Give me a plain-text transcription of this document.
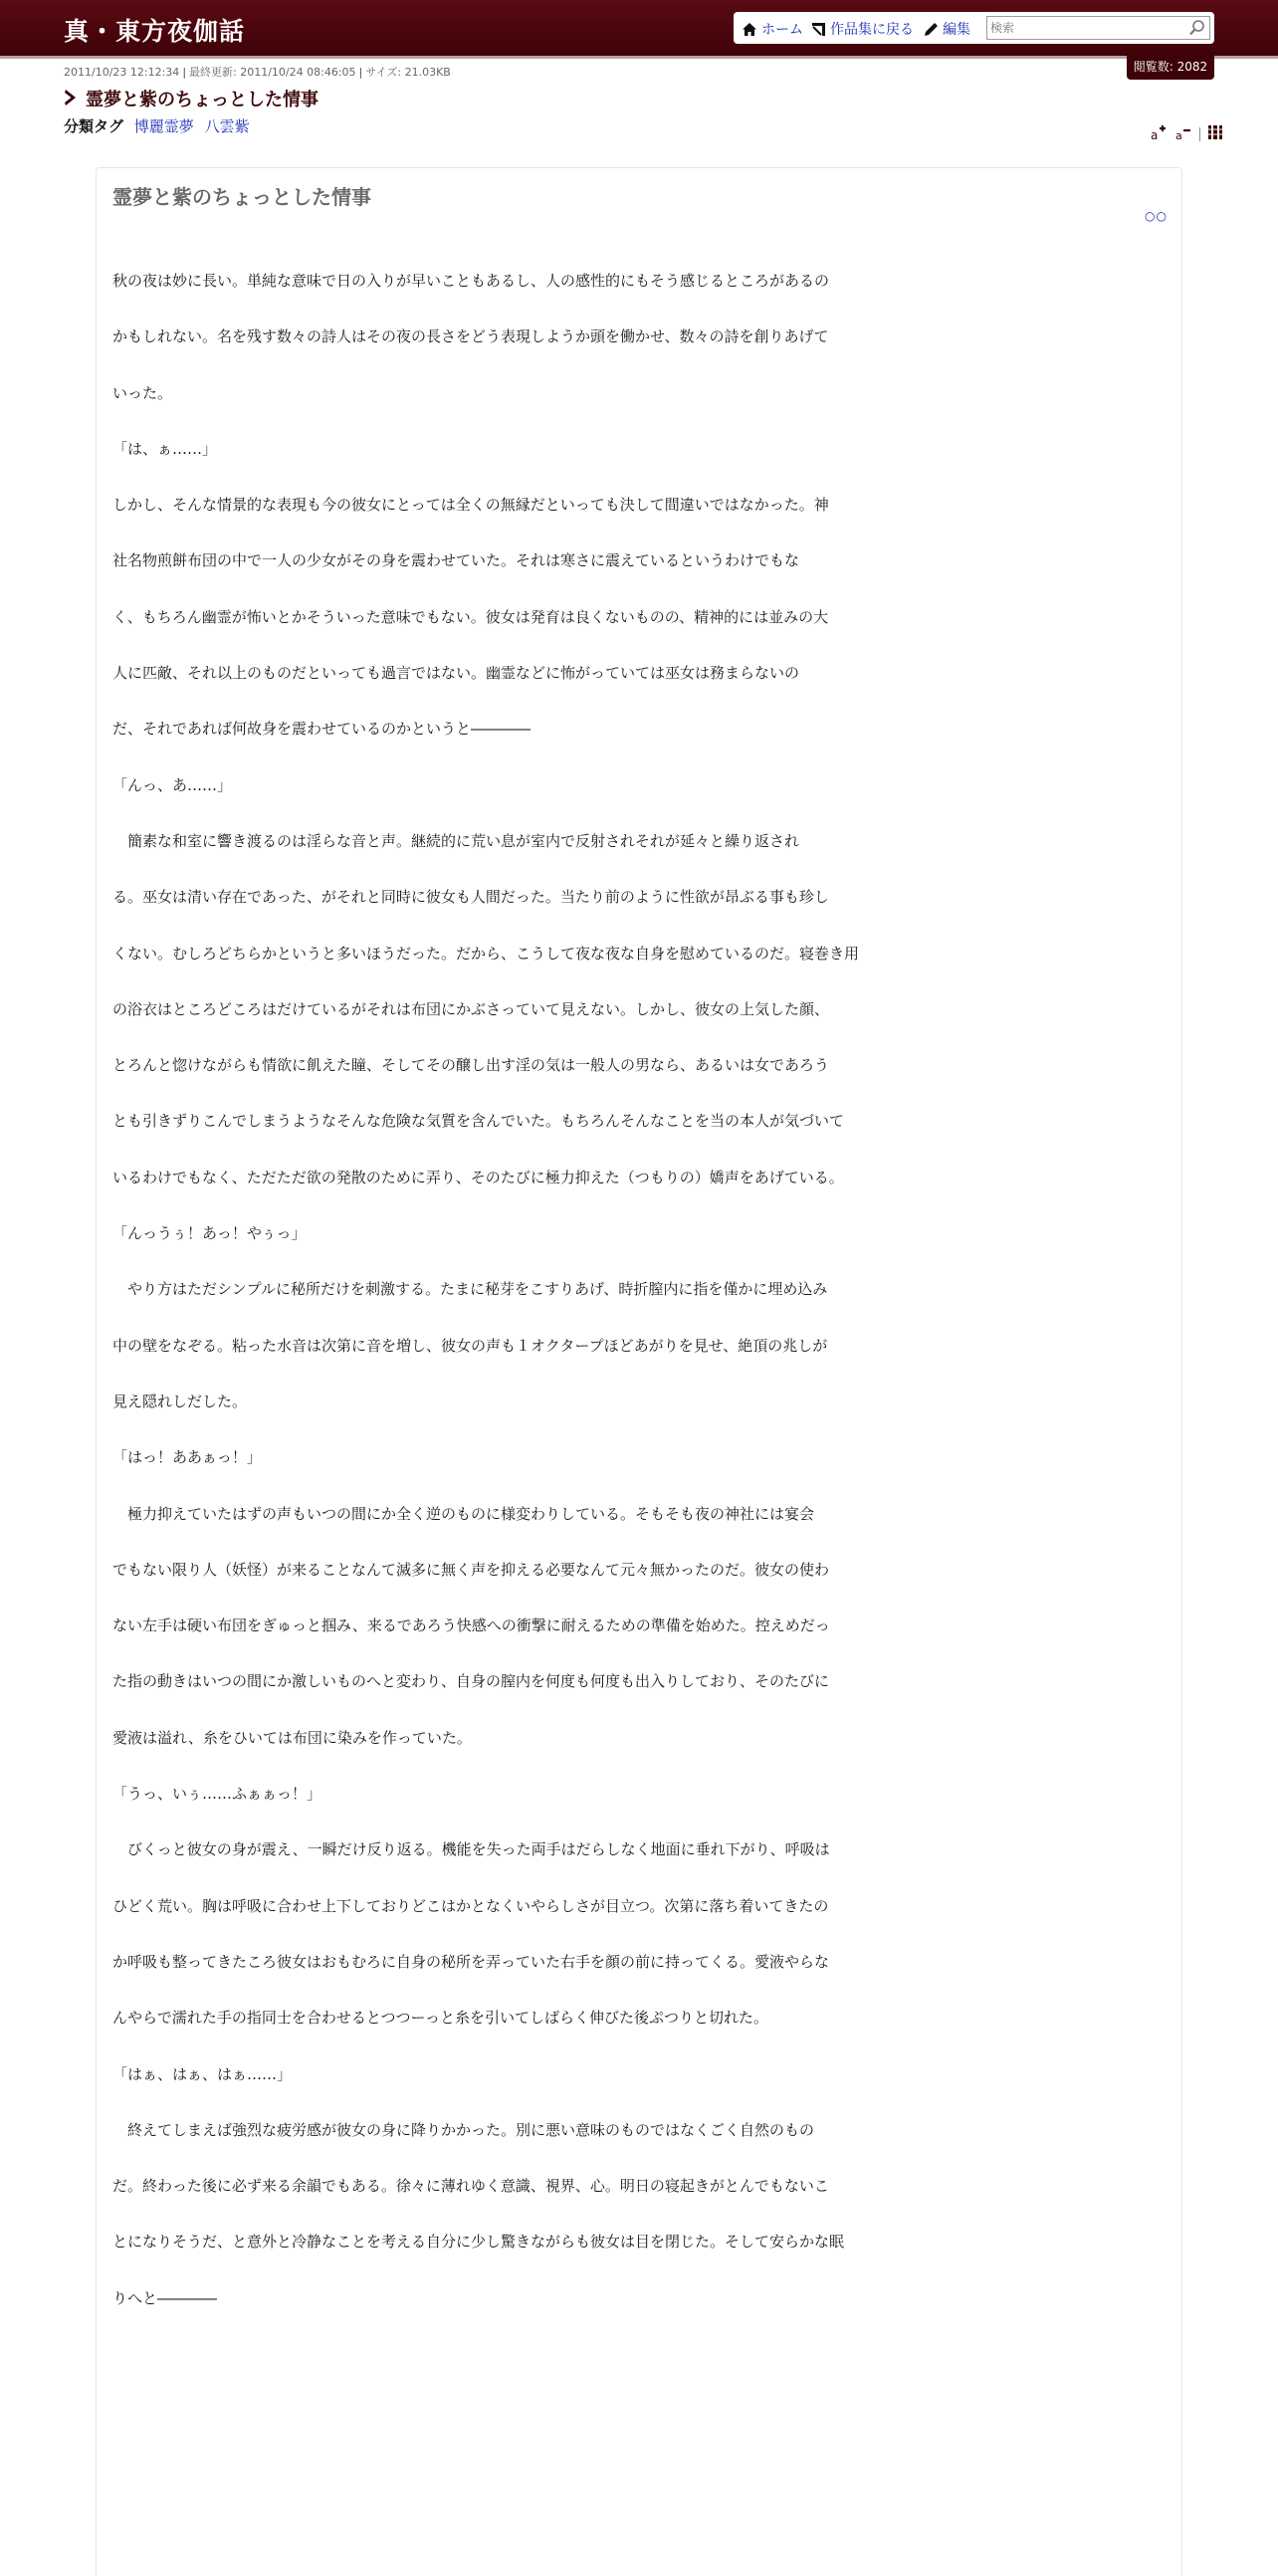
真・東方夜伽話	ホーム	作品集に戻る	編集
検索
閲覧数: 2082
2011/10/23 12:12:34 | 最終更新: 2011/10/24 08:46:05 | サイズ: 21.03KB
霊夢と紫のちょっとした情事
分類タグ 博麗霊夢 八雲紫	a
a

霊夢と紫のちょっとした情事
○○
秋の夜は妙に長い。単純な意味で日の入りが早いこともあるし、人の感性的にもそう感じるところがあるの
かもしれない。名を残す数々の詩人はその夜の長さをどう表現しようか頭を働かせ、数々の詩を創りあげて
いった。
「は、ぁ……」
しかし、そんな情景的な表現も今の彼女にとっては全くの無縁だといっても決して間違いではなかった。神
社名物煎餅布団の中で一人の少女がその身を震わせていた。それは寒さに震えているというわけでもな
く、もちろん幽霊が怖いとかそういった意味でもない。彼女は発育は良くないものの、精神的には並みの大
人に匹敵、それ以上のものだといっても過言ではない。幽霊などに怖がっていては巫女は務まらないの
だ、それであれば何故身を震わせているのかというと――――
「んっ、あ……」
　簡素な和室に響き渡るのは淫らな音と声。継続的に荒い息が室内で反射されそれが延々と繰り返され
る。巫女は清い存在であった、がそれと同時に彼女も人間だった。当たり前のように性欲が昂ぶる事も珍し
くない。むしろどちらかというと多いほうだった。だから、こうして夜な夜な自身を慰めているのだ。寝巻き用
の浴衣はところどころはだけているがそれは布団にかぶさっていて見えない。しかし、彼女の上気した顔、
とろんと惚けながらも情欲に飢えた瞳、そしてその醸し出す淫の気は一般人の男なら、あるいは女であろう
とも引きずりこんでしまうようなそんな危険な気質を含んでいた。もちろんそんなことを当の本人が気づいて
いるわけでもなく、ただただ欲の発散のために弄り、そのたびに極力抑えた（つもりの）嬌声をあげている。
「んっうぅ！あっ！やぅっ」
　やり方はただシンプルに秘所だけを刺激する。たまに秘芽をこすりあげ、時折膣内に指を僅かに埋め込み
中の壁をなぞる。粘った水音は次第に音を増し、彼女の声も１オクタープほどあがりを見せ、絶頂の兆しが
見え隠れしだした。
「はっ！ああぁっ！」
　極力抑えていたはずの声もいつの間にか全く逆のものに様変わりしている。そもそも夜の神社には宴会
でもない限り人（妖怪）が来ることなんて滅多に無く声を抑える必要なんて元々無かったのだ。彼女の使わ
ない左手は硬い布団をぎゅっと掴み、来るであろう快感への衝撃に耐えるための準備を始めた。控えめだっ
た指の動きはいつの間にか激しいものへと変わり、自身の膣内を何度も何度も出入りしており、そのたびに
愛液は溢れ、糸をひいては布団に染みを作っていた。
「うっ、いぅ……ふぁぁっ！」
　びくっと彼女の身が震え、一瞬だけ反り返る。機能を失った両手はだらしなく地面に垂れ下がり、呼吸は
ひどく荒い。胸は呼吸に合わせ上下しておりどこはかとなくいやらしさが目立つ。次第に落ち着いてきたの
か呼吸も整ってきたころ彼女はおもむろに自身の秘所を弄っていた右手を顔の前に持ってくる。愛液やらな
んやらで濡れた手の指同士を合わせるとつつーっと糸を引いてしばらく伸びた後ぷつりと切れた。
「はぁ、はぁ、はぁ……」
　終えてしまえば強烈な疲労感が彼女の身に降りかかった。別に悪い意味のものではなくごく自然のもの
だ。終わった後に必ず来る余韻でもある。徐々に薄れゆく意識、視界、心。明日の寝起きがとんでもないこ
とになりそうだ、と意外と冷静なことを考える自分に少し驚きながらも彼女は目を閉じた。そして安らかな眠
りへと――――
